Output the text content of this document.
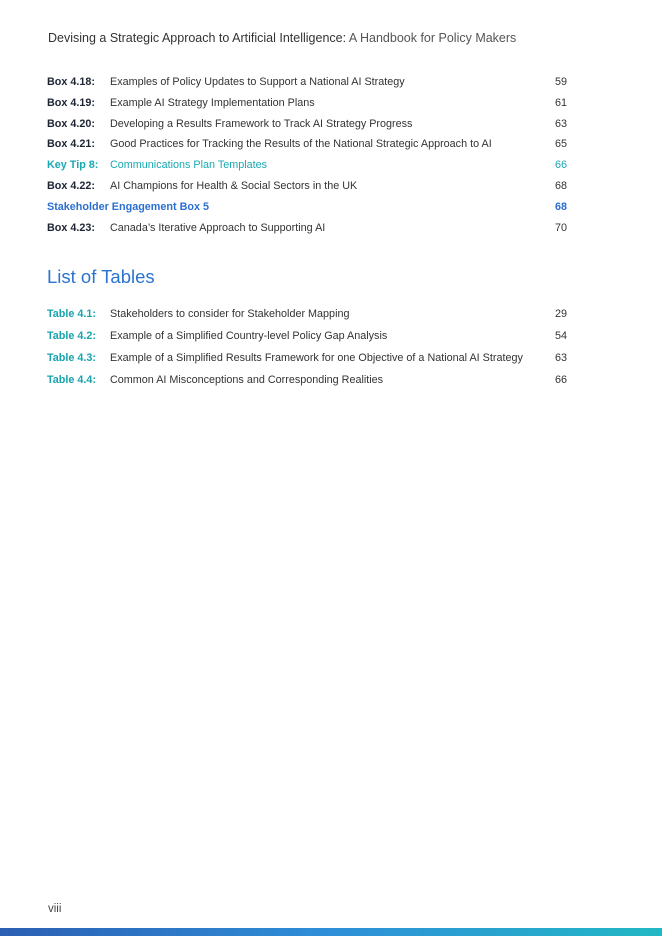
Devising a Strategic Approach to Artificial Intelligence: A Handbook for Policy Makers
Box 4.18: Examples of Policy Updates to Support a National AI Strategy	59
Box 4.19: Example AI Strategy Implementation Plans	61
Box 4.20: Developing a Results Framework to Track AI Strategy Progress	63
Box 4.21: Good Practices for Tracking the Results of the National Strategic Approach to AI	65
Key Tip 8: Communications Plan Templates	66
Box 4.22: AI Champions for Health & Social Sectors in the UK	68
Stakeholder Engagement Box 5	68
Box 4.23: Canada’s Iterative Approach to Supporting AI	70
List of Tables
Table 4.1: Stakeholders to consider for Stakeholder Mapping	29
Table 4.2: Example of a Simplified Country-level Policy Gap Analysis	54
Table 4.3: Example of a Simplified Results Framework for one Objective of a National AI Strategy	63
Table 4.4: Common AI Misconceptions and Corresponding Realities	66
viii
